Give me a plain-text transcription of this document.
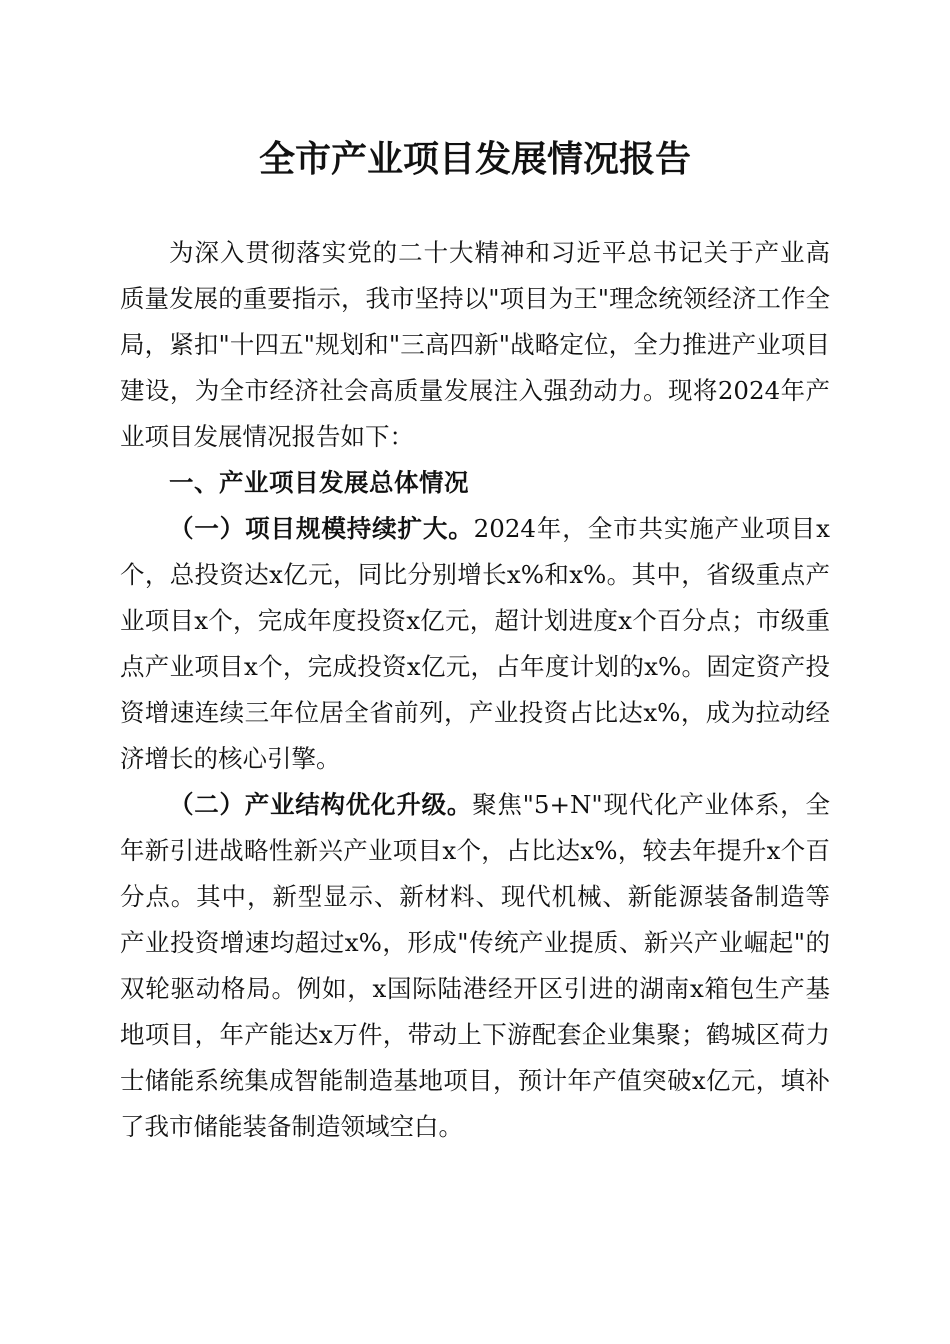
全市产业项目发展情况报告

为深入贯彻落实党的二十大精神和习近平总书记关于产业高质量发展的重要指示，我市坚持以"项目为王"理念统领经济工作全局，紧扣"十四五"规划和"三高四新"战略定位，全力推进产业项目建设，为全市经济社会高质量发展注入强劲动力。现将2024年产业项目发展情况报告如下：

一、产业项目发展总体情况

（一）项目规模持续扩大。2024年，全市共实施产业项目x个，总投资达x亿元，同比分别增长x%和x%。其中，省级重点产业项目x个，完成年度投资x亿元，超计划进度x个百分点；市级重点产业项目x个，完成投资x亿元，占年度计划的x%。固定资产投资增速连续三年位居全省前列，产业投资占比达x%，成为拉动经济增长的核心引擎。

（二）产业结构优化升级。聚焦"5+N"现代化产业体系，全年新引进战略性新兴产业项目x个，占比达x%，较去年提升x个百分点。其中，新型显示、新材料、现代机械、新能源装备制造等产业投资增速均超过x%，形成"传统产业提质、新兴产业崛起"的双轮驱动格局。例如，x国际陆港经开区引进的湖南x箱包生产基地项目，年产能达x万件，带动上下游配套企业集聚；鹤城区荷力士储能系统集成智能制造基地项目，预计年产值突破x亿元，填补了我市储能装备制造领域空白。
